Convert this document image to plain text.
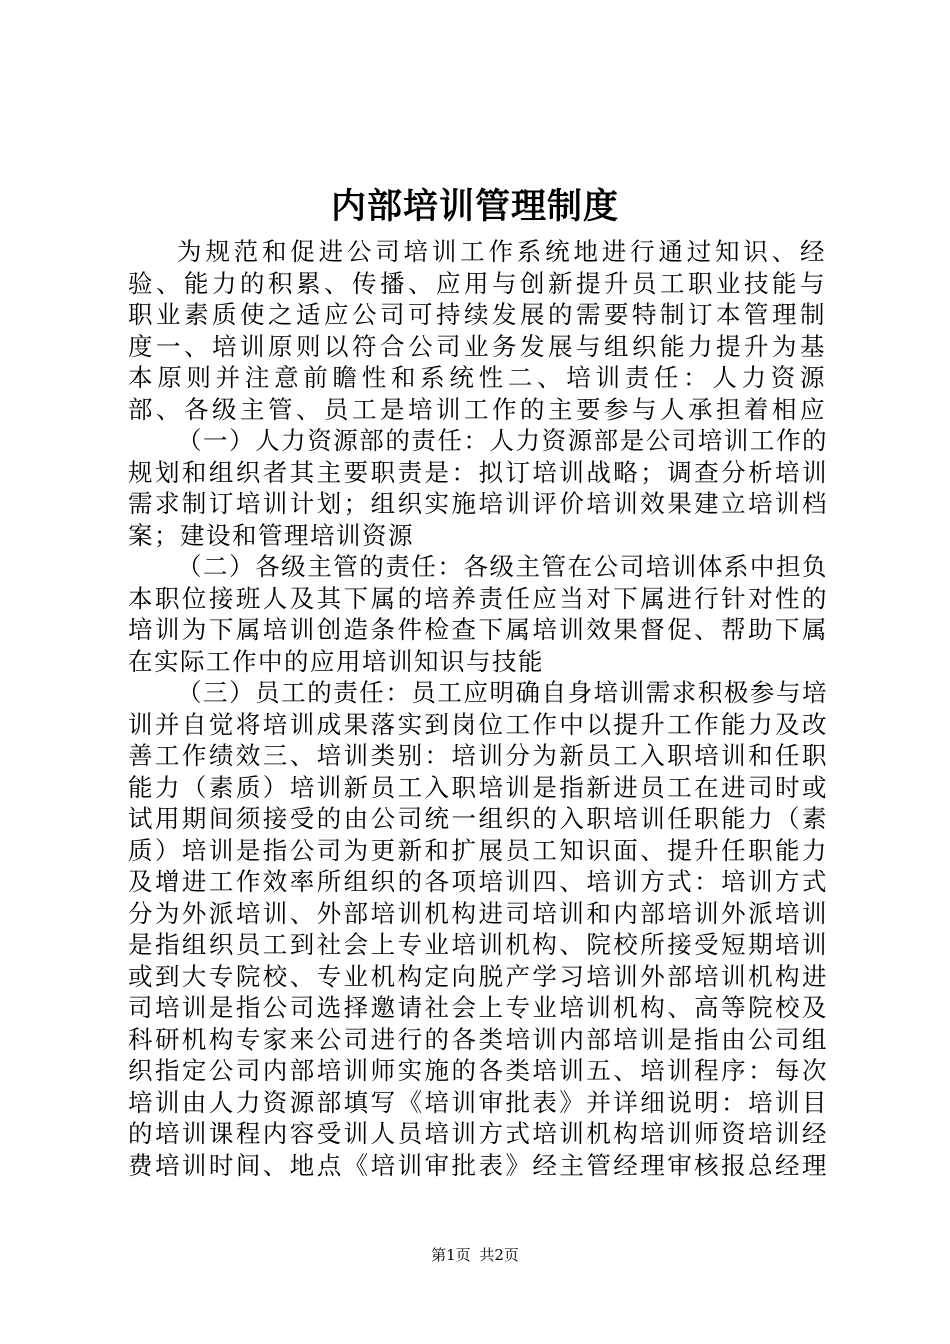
内部培训管理制度

为规范和促进公司培训工作系统地进行通过知识、经验、能力的积累、传播、应用与创新提升员工职业技能与职业素质使之适应公司可持续发展的需要特制订本管理制度一、培训原则以符合公司业务发展与组织能力提升为基本原则并注意前瞻性和系统性二、培训责任：人力资源部、各级主管、员工是培训工作的主要参与人承担着相应

（一）人力资源部的责任：人力资源部是公司培训工作的规划和组织者其主要职责是：拟订培训战略；调查分析培训需求制订培训计划；组织实施培训评价培训效果建立培训档案；建设和管理培训资源

（二）各级主管的责任：各级主管在公司培训体系中担负本职位接班人及其下属的培养责任应当对下属进行针对性的培训为下属培训创造条件检查下属培训效果督促、帮助下属在实际工作中的应用培训知识与技能

（三）员工的责任：员工应明确自身培训需求积极参与培训并自觉将培训成果落实到岗位工作中以提升工作能力及改善工作绩效三、培训类别：培训分为新员工入职培训和任职能力（素质）培训新员工入职培训是指新进员工在进司时或试用期间须接受的由公司统一组织的入职培训任职能力（素质）培训是指公司为更新和扩展员工知识面、提升任职能力及增进工作效率所组织的各项培训四、培训方式：培训方式分为外派培训、外部培训机构进司培训和内部培训外派培训是指组织员工到社会上专业培训机构、院校所接受短期培训或到大专院校、专业机构定向脱产学习培训外部培训机构进司培训是指公司选择邀请社会上专业培训机构、高等院校及科研机构专家来公司进行的各类培训内部培训是指由公司组织指定公司内部培训师实施的各类培训五、培训程序：每次培训由人力资源部填写《培训审批表》并详细说明：培训目的培训课程内容受训人员培训方式培训机构培训师资培训经费培训时间、地点《培训审批表》经主管经理审核报总经理

第1页 共2页
